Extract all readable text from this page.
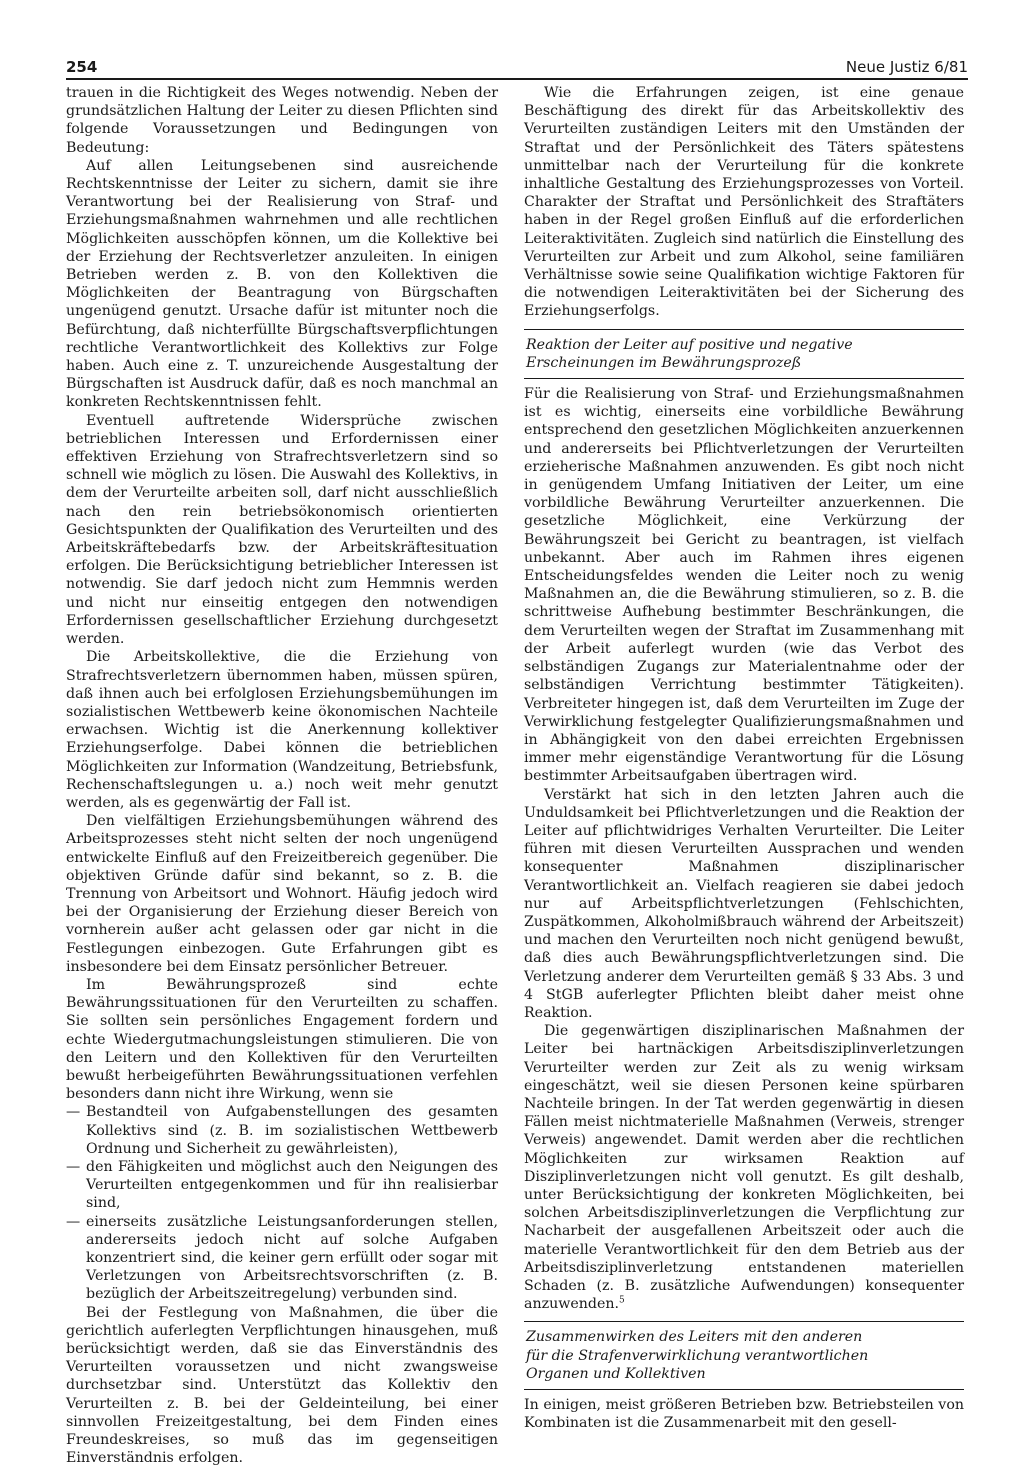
254	Neue Justiz 6/81

trauen in die Richtigkeit des Weges notwendig. Neben der grundsätzlichen Haltung der Leiter zu diesen Pflichten sind folgende Voraussetzungen und Bedingungen von Bedeutung:

Auf allen Leitungsebenen sind ausreichende Rechtskenntnisse der Leiter zu sichern, damit sie ihre Verantwortung bei der Realisierung von Straf- und Erziehungsmaßnahmen wahrnehmen und alle rechtlichen Möglichkeiten ausschöpfen können, um die Kollektive bei der Erziehung der Rechtsverletzer anzuleiten. In einigen Betrieben werden z. B. von den Kollektiven die Möglichkeiten der Beantragung von Bürgschaften ungenügend genutzt. Ursache dafür ist mitunter noch die Befürchtung, daß nichterfüllte Bürgschaftsverpflichtungen rechtliche Verantwortlichkeit des Kollektivs zur Folge haben. Auch eine z. T. unzureichende Ausgestaltung der Bürgschaften ist Ausdruck dafür, daß es noch manchmal an konkreten Rechtskenntnissen fehlt.

Eventuell auftretende Widersprüche zwischen betrieblichen Interessen und Erfordernissen einer effektiven Erziehung von Strafrechtsverletzern sind so schnell wie möglich zu lösen. Die Auswahl des Kollektivs, in dem der Verurteilte arbeiten soll, darf nicht ausschließlich nach den rein betriebsökonomisch orientierten Gesichtspunkten der Qualifikation des Verurteilten und des Arbeitskräftebedarfs bzw. der Arbeitskräftesituation erfolgen. Die Berücksichtigung betrieblicher Interessen ist notwendig. Sie darf jedoch nicht zum Hemmnis werden und nicht nur einseitig entgegen den notwendigen Erfordernissen gesellschaftlicher Erziehung durchgesetzt werden.

Die Arbeitskollektive, die die Erziehung von Strafrechtsverletzern übernommen haben, müssen spüren, daß ihnen auch bei erfolglosen Erziehungsbemühungen im sozialistischen Wettbewerb keine ökonomischen Nachteile erwachsen. Wichtig ist die Anerkennung kollektiver Erziehungserfolge. Dabei können die betrieblichen Möglichkeiten zur Information (Wandzeitung, Betriebsfunk, Rechenschaftslegungen u. a.) noch weit mehr genutzt werden, als es gegenwärtig der Fall ist.

Den vielfältigen Erziehungsbemühungen während des Arbeitsprozesses steht nicht selten der noch ungenügend entwickelte Einfluß auf den Freizeitbereich gegenüber. Die objektiven Gründe dafür sind bekannt, so z. B. die Trennung von Arbeitsort und Wohnort. Häufig jedoch wird bei der Organisierung der Erziehung dieser Bereich von vornherein außer acht gelassen oder gar nicht in die Festlegungen einbezogen. Gute Erfahrungen gibt es insbesondere bei dem Einsatz persönlicher Betreuer.

Im Bewährungsprozeß sind echte Bewährungssituationen für den Verurteilten zu schaffen. Sie sollten sein persönliches Engagement fordern und echte Wiedergutmachungsleistungen stimulieren. Die von den Leitern und den Kollektiven für den Verurteilten bewußt herbeigeführten Bewährungssituationen verfehlen besonders dann nicht ihre Wirkung, wenn sie

— Bestandteil von Aufgabenstellungen des gesamten Kollektivs sind (z. B. im sozialistischen Wettbewerb Ordnung und Sicherheit zu gewährleisten),
— den Fähigkeiten und möglichst auch den Neigungen des Verurteilten entgegenkommen und für ihn realisierbar sind,
— einerseits zusätzliche Leistungsanforderungen stellen, andererseits jedoch nicht auf solche Aufgaben konzentriert sind, die keiner gern erfüllt oder sogar mit Verletzungen von Arbeitsrechtsvorschriften (z. B. bezüglich der Arbeitszeitregelung) verbunden sind.

Bei der Festlegung von Maßnahmen, die über die gerichtlich auferlegten Verpflichtungen hinausgehen, muß berücksichtigt werden, daß sie das Einverständnis des Verurteilten voraussetzen und nicht zwangsweise durchsetzbar sind. Unterstützt das Kollektiv den Verurteilten z. B. bei der Geldeinteilung, bei einer sinnvollen Freizeitgestaltung, bei dem Finden eines Freundeskreises, so muß das im gegenseitigen Einverständnis erfolgen.

Wie die Erfahrungen zeigen, ist eine genaue Beschäftigung des direkt für das Arbeitskollektiv des Verurteilten zuständigen Leiters mit den Umständen der Straftat und der Persönlichkeit des Täters spätestens unmittelbar nach der Verurteilung für die konkrete inhaltliche Gestaltung des Erziehungsprozesses von Vorteil. Charakter der Straftat und Persönlichkeit des Straftäters haben in der Regel großen Einfluß auf die erforderlichen Leiteraktivitäten. Zugleich sind natürlich die Einstellung des Verurteilten zur Arbeit und zum Alkohol, seine familiären Verhältnisse sowie seine Qualifikation wichtige Faktoren für die notwendigen Leiteraktivitäten bei der Sicherung des Erziehungserfolgs.

Reaktion der Leiter auf positive und negative
Erscheinungen im Bewährungsprozeß

Für die Realisierung von Straf- und Erziehungsmaßnahmen ist es wichtig, einerseits eine vorbildliche Bewährung entsprechend den gesetzlichen Möglichkeiten anzuerkennen und andererseits bei Pflichtverletzungen der Verurteilten erzieherische Maßnahmen anzuwenden. Es gibt noch nicht in genügendem Umfang Initiativen der Leiter, um eine vorbildliche Bewährung Verurteilter anzuerkennen. Die gesetzliche Möglichkeit, eine Verkürzung der Bewährungszeit bei Gericht zu beantragen, ist vielfach unbekannt. Aber auch im Rahmen ihres eigenen Entscheidungsfeldes wenden die Leiter noch zu wenig Maßnahmen an, die die Bewährung stimulieren, so z. B. die schrittweise Aufhebung bestimmter Beschränkungen, die dem Verurteilten wegen der Straftat im Zusammenhang mit der Arbeit auferlegt wurden (wie das Verbot des selbständigen Zugangs zur Materialentnahme oder der selbständigen Verrichtung bestimmter Tätigkeiten). Verbreiteter hingegen ist, daß dem Verurteilten im Zuge der Verwirklichung festgelegter Qualifizierungsmaßnahmen und in Abhängigkeit von den dabei erreichten Ergebnissen immer mehr eigenständige Verantwortung für die Lösung bestimmter Arbeitsaufgaben übertragen wird.

Verstärkt hat sich in den letzten Jahren auch die Unduldsamkeit bei Pflichtverletzungen und die Reaktion der Leiter auf pflichtwidriges Verhalten Verurteilter. Die Leiter führen mit diesen Verurteilten Aussprachen und wenden konsequenter Maßnahmen disziplinarischer Verantwortlichkeit an. Vielfach reagieren sie dabei jedoch nur auf Arbeitspflichtverletzungen (Fehlschichten, Zuspätkommen, Alkoholmißbrauch während der Arbeitszeit) und machen den Verurteilten noch nicht genügend bewußt, daß dies auch Bewährungspflichtverletzungen sind. Die Verletzung anderer dem Verurteilten gemäß § 33 Abs. 3 und 4 StGB auferlegter Pflichten bleibt daher meist ohne Reaktion.

Die gegenwärtigen disziplinarischen Maßnahmen der Leiter bei hartnäckigen Arbeitsdisziplinverletzungen Verurteilter werden zur Zeit als zu wenig wirksam eingeschätzt, weil sie diesen Personen keine spürbaren Nachteile bringen. In der Tat werden gegenwärtig in diesen Fällen meist nichtmaterielle Maßnahmen (Verweis, strenger Verweis) angewendet. Damit werden aber die rechtlichen Möglichkeiten zur wirksamen Reaktion auf Disziplinverletzungen nicht voll genutzt. Es gilt deshalb, unter Berücksichtigung der konkreten Möglichkeiten, bei solchen Arbeitsdisziplinverletzungen die Verpflichtung zur Nacharbeit der ausgefallenen Arbeitszeit oder auch die materielle Verantwortlichkeit für den dem Betrieb aus der Arbeitsdisziplinverletzung entstandenen materiellen Schaden (z. B. zusätzliche Aufwendungen) konsequenter anzuwenden.$^5$

Zusammenwirken des Leiters mit den anderen
für die Strafenverwirklichung verantwortlichen
Organen und Kollektiven

In einigen, meist größeren Betrieben bzw. Betriebsteilen von Kombinaten ist die Zusammenarbeit mit den gesell-
